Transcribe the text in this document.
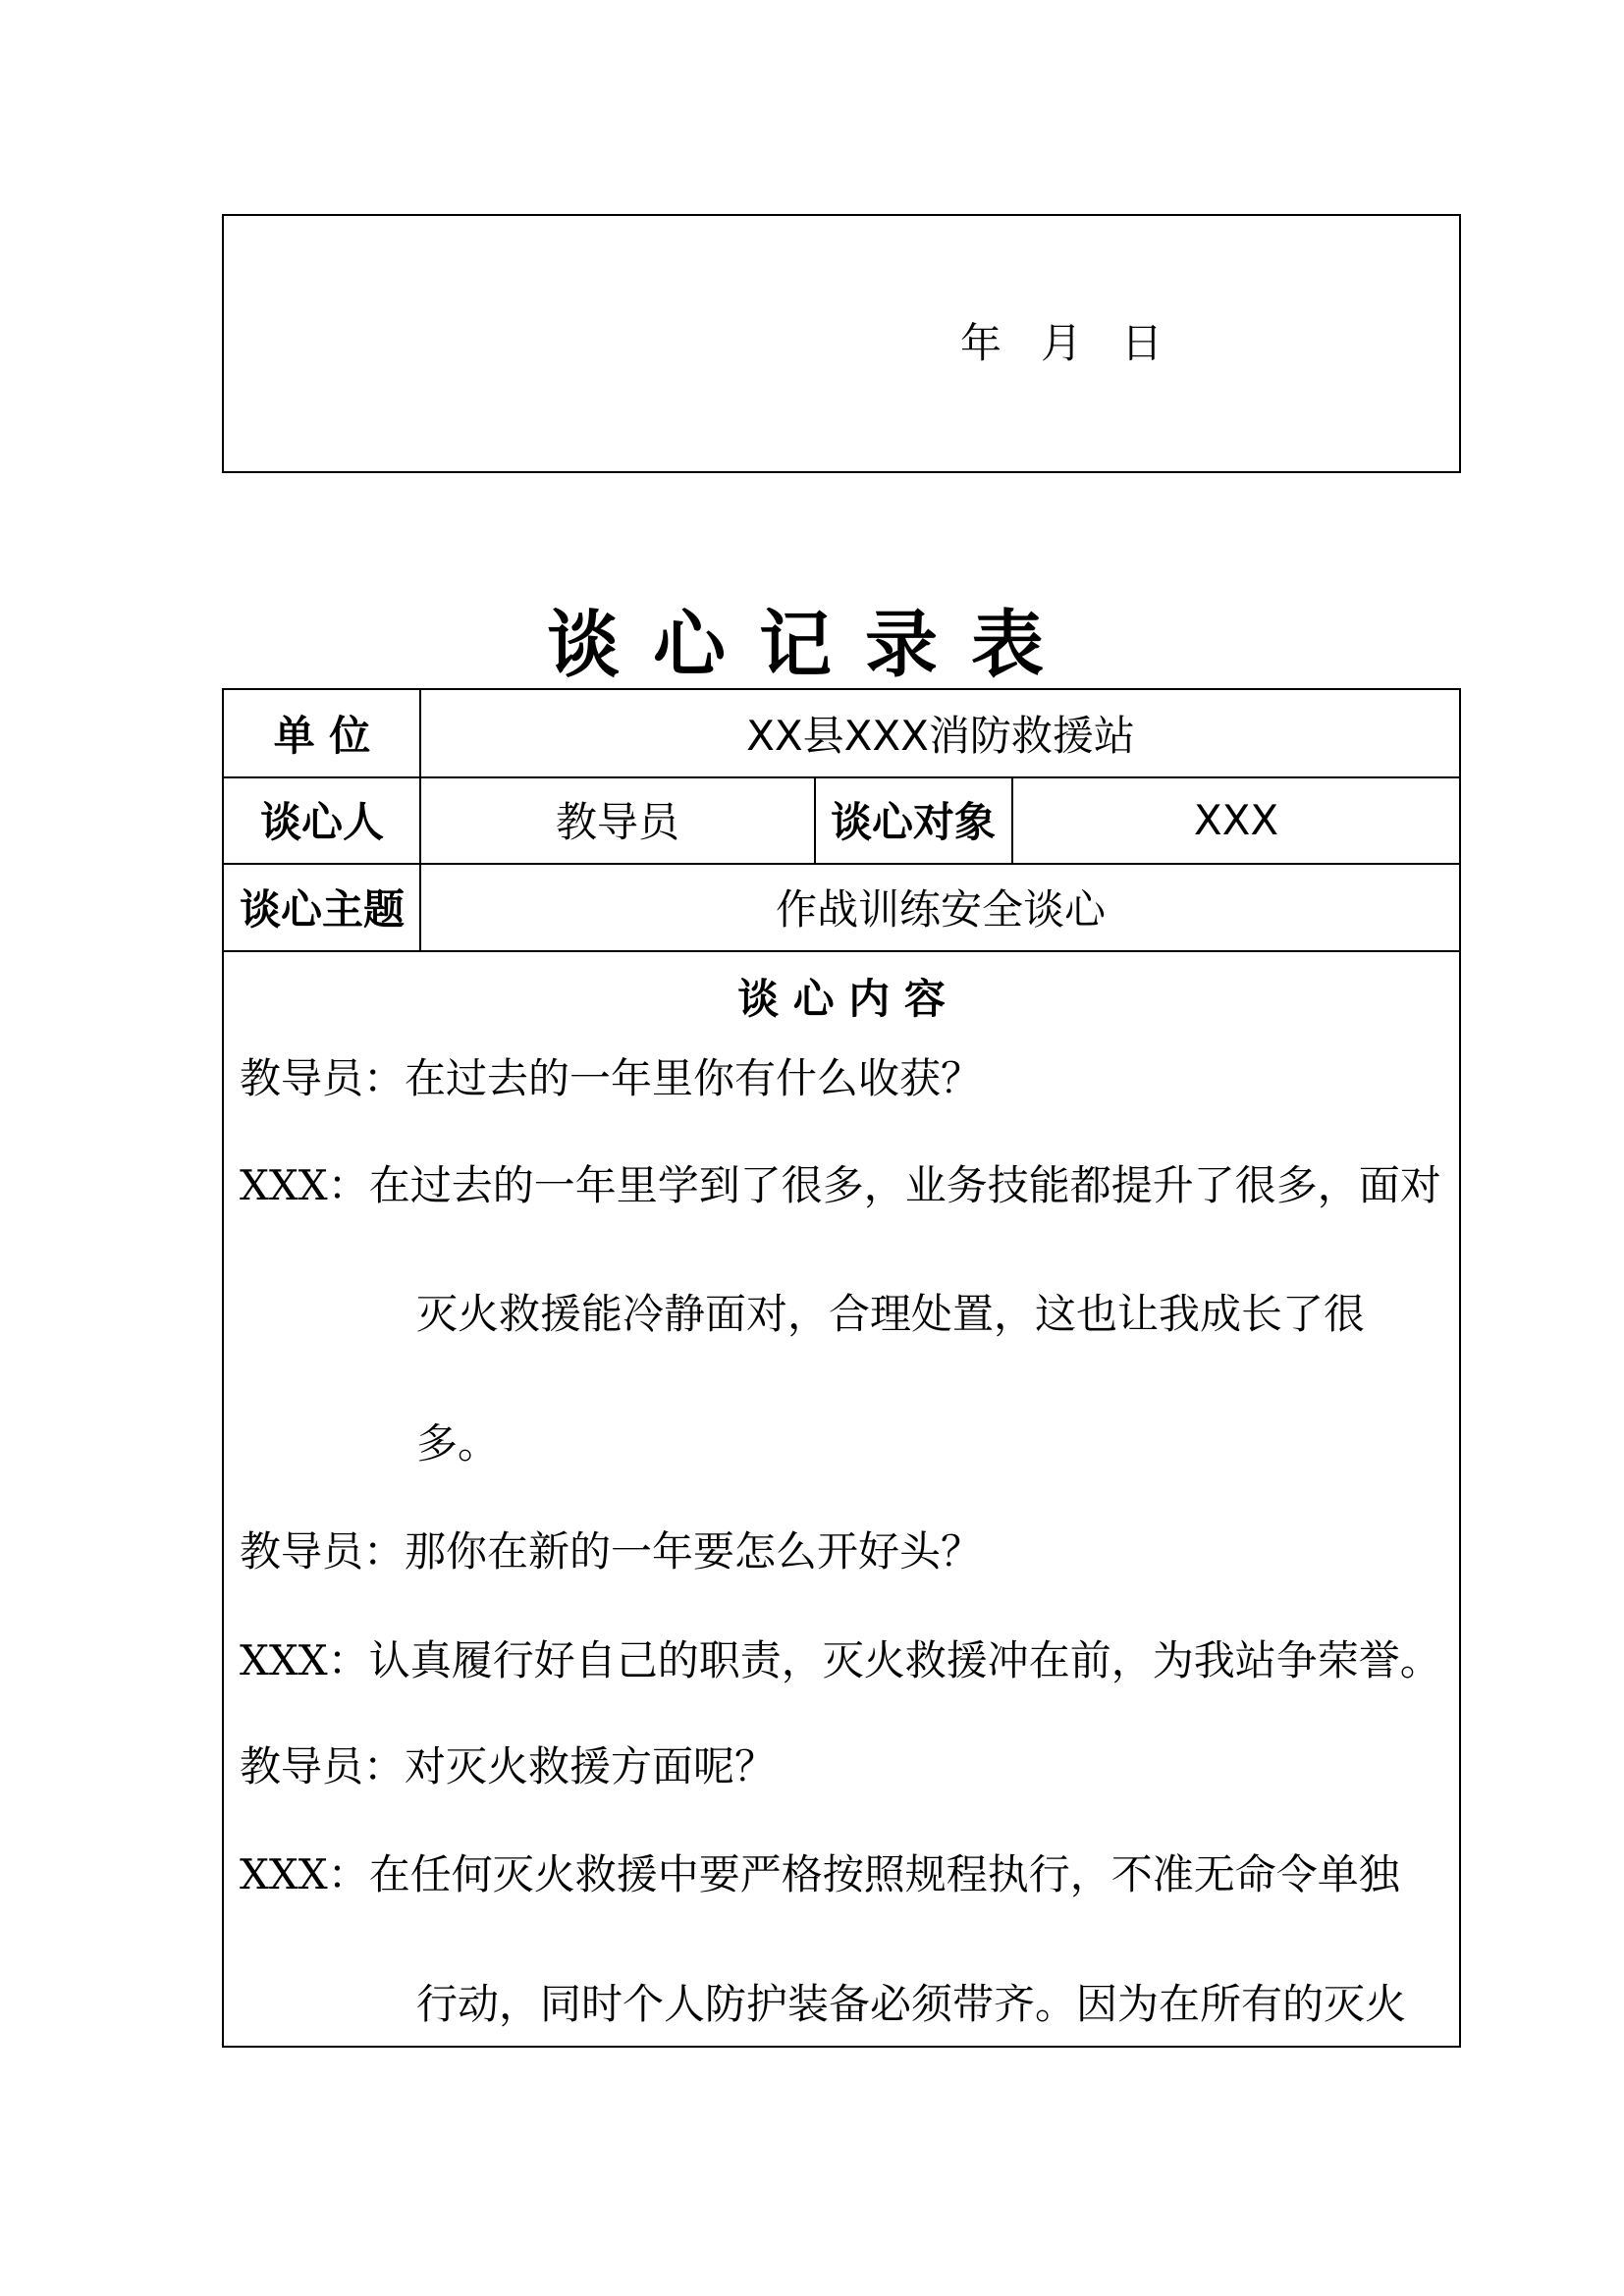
年 月 日
谈心记录表
单 位	XX县XXX消防救援站
谈心人	教导员	谈心对象	XXX
谈心主题	作战训练安全谈心
谈 心 内 容
教导员：在过去的一年里你有什么收获？
XXX：在过去的一年里学到了很多，业务技能都提升了很多，面对
灭火救援能冷静面对，合理处置，这也让我成长了很
多。
教导员：那你在新的一年要怎么开好头？
XXX：认真履行好自己的职责，灭火救援冲在前，为我站争荣誉。
教导员：对灭火救援方面呢？
XXX：在任何灭火救援中要严格按照规程执行，不准无命令单独
行动，同时个人防护装备必须带齐。因为在所有的灭火
